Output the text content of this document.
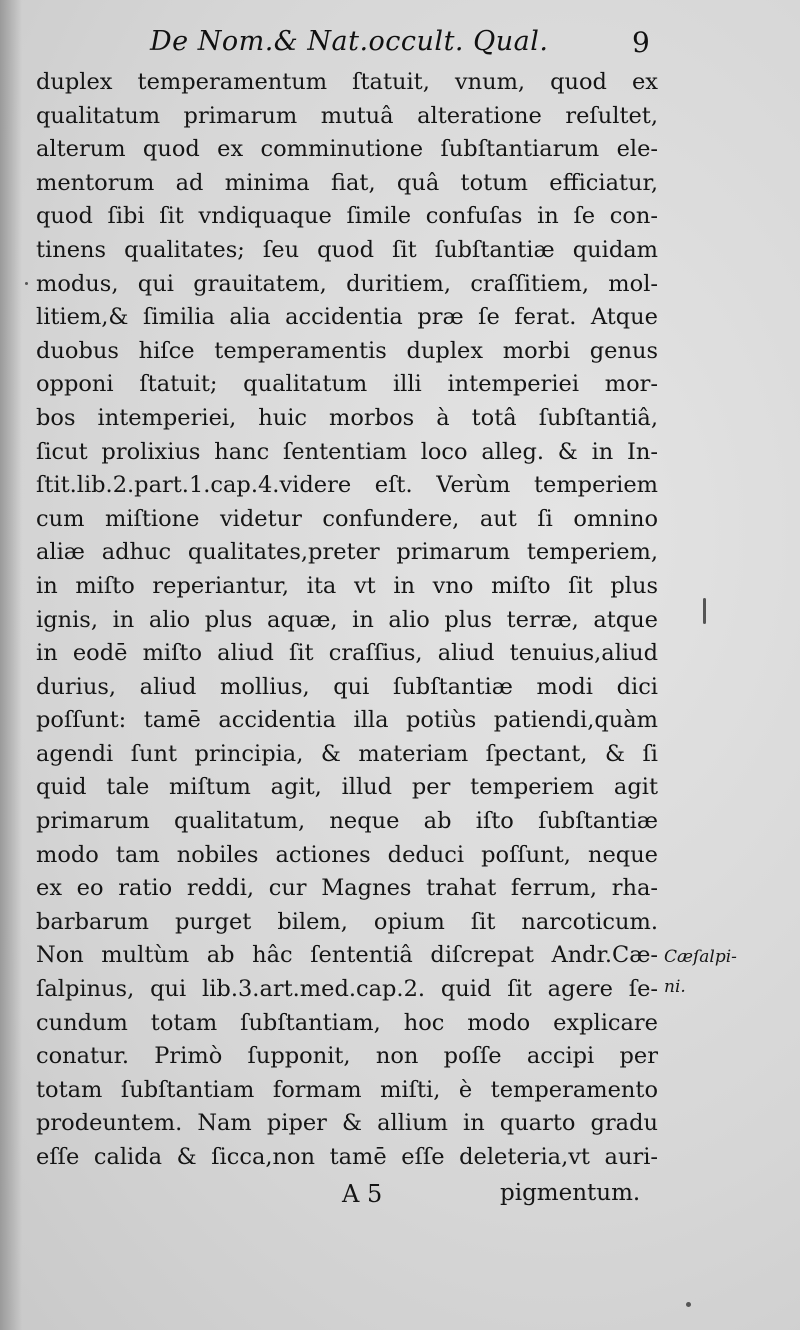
De Nom.& Nat.occult. Qual.	9
duplex temperamentum ſtatuit, vnum, quod ex
qualitatum primarum mutuâ alteratione reſultet,
alterum quod ex comminutione ſubſtantiarum ele-
mentorum ad minima fiat, quâ totum efficiatur,
quod ſibi ſit vndiquaque ſimile confuſas in ſe con-
tinens qualitates; ſeu quod ſit ſubſtantiæ quidam
modus, qui grauitatem, duritiem, craſſitiem, mol-
litiem,& ſimilia alia accidentia præ ſe ferat. Atque
duobus hiſce temperamentis duplex morbi genus
opponi ſtatuit; qualitatum illi intemperiei mor-
bos intemperiei, huic morbos à totâ ſubſtantiâ,
ſicut prolixius hanc ſententiam loco alleg. & in In-
ſtit.lib.2.part.1.cap.4.videre eſt. Verùm temperiem
cum miſtione videtur confundere, aut ſi omnino
aliæ adhuc qualitates,preter primarum temperiem,
in miſto reperiantur, ita vt in vno miſto ſit plus
ignis, in alio plus aquæ, in alio plus terræ, atque
in eodē miſto aliud ſit craſſius, aliud tenuius,aliud
durius, aliud mollius, qui ſubſtantiæ modi dici
poſſunt: tamē accidentia illa potiùs patiendi,quàm
agendi ſunt principia, & materiam ſpectant, & ſi
quid tale miſtum agit, illud per temperiem agit
primarum qualitatum, neque ab iſto ſubſtantiæ
modo tam nobiles actiones deduci poſſunt, neque
ex eo ratio reddi, cur Magnes trahat ferrum, rha-
barbarum purget bilem, opium ſit narcoticum.
Non multùm ab hâc ſententiâ diſcrepat Andr.Cæ-
ſalpinus, qui lib.3.art.med.cap.2. quid ſit agere ſe-
cundum totam ſubſtantiam, hoc modo explicare
conatur. Primò ſupponit, non poſſe accipi per
totam ſubſtantiam formam miſti, è temperamento
prodeuntem. Nam piper & allium in quarto gradu
eſſe calida & ſicca,non tamē eſſe deleteria,vt auri-
Cæſalpi-
ni.
A 5	pigmentum.
